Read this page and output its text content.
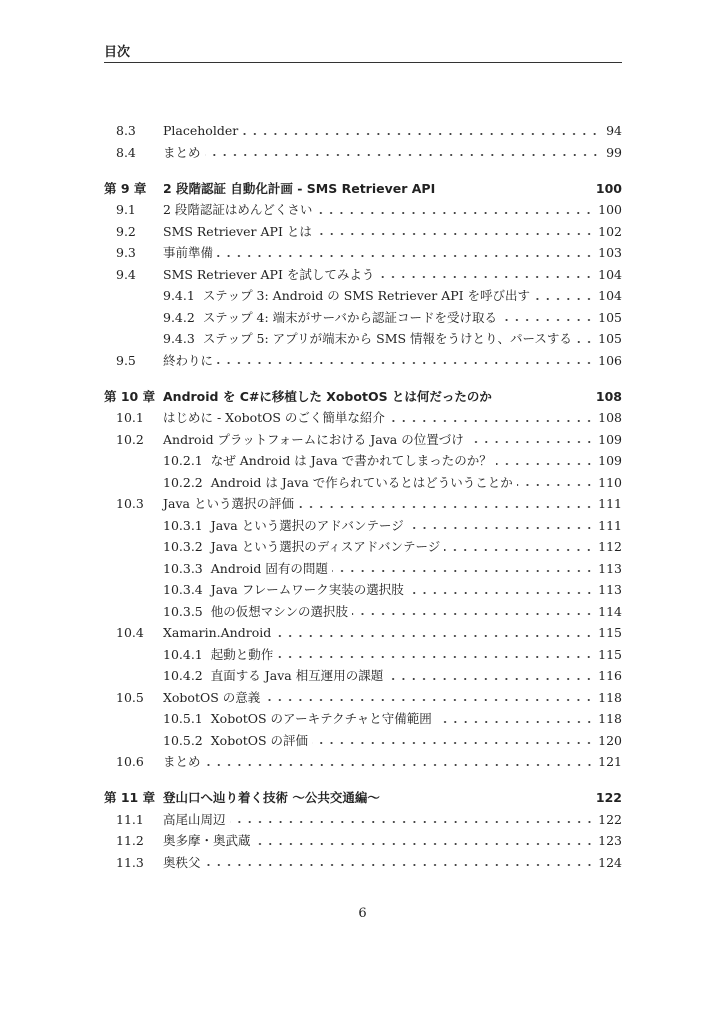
目次
8.3	Placeholder	94
8.4	まとめ	99
第 9 章	2 段階認証 自動化計画 - SMS Retriever API	100
9.1	2 段階認証はめんどくさい	100
9.2	SMS Retriever API とは	102
9.3	事前準備	103
9.4	SMS Retriever API を試してみよう	104
9.4.1 ステップ 3: Android の SMS Retriever API を呼び出す	104
9.4.2 ステップ 4: 端末がサーバから認証コードを受け取る	105
9.4.3 ステップ 5: アプリが端末から SMS 情報をうけとり、パースする 105
9.5	終わりに	106
第 10 章 Android を C#に移植した XobotOS とは何だったのか	108
10.1	はじめに - XobotOS のごく簡単な紹介	108
10.2	Android プラットフォームにおける Java の位置づけ	109
10.2.1 なぜ Android は Java で書かれてしまったのか？	109
10.2.2 Android は Java で作られているとはどういうことか	110
10.3	Java という選択の評価	111
10.3.1 Java という選択のアドバンテージ	111
10.3.2 Java という選択のディスアドバンテージ	112
10.3.3 Android 固有の問題	113
10.3.4 Java フレームワーク実装の選択肢	113
10.3.5 他の仮想マシンの選択肢	114
10.4	Xamarin.Android	115
10.4.1 起動と動作	115
10.4.2 直面する Java 相互運用の課題	116
10.5	XobotOS の意義	118
10.5.1 XobotOS のアーキテクチャと守備範囲	118
10.5.2 XobotOS の評価	120
10.6	まとめ	121
第 11 章 登山口へ辿り着く技術 〜公共交通編〜	122
11.1	高尾山周辺	122
11.2	奥多摩・奥武蔵	123
11.3	奥秩父	124
6
